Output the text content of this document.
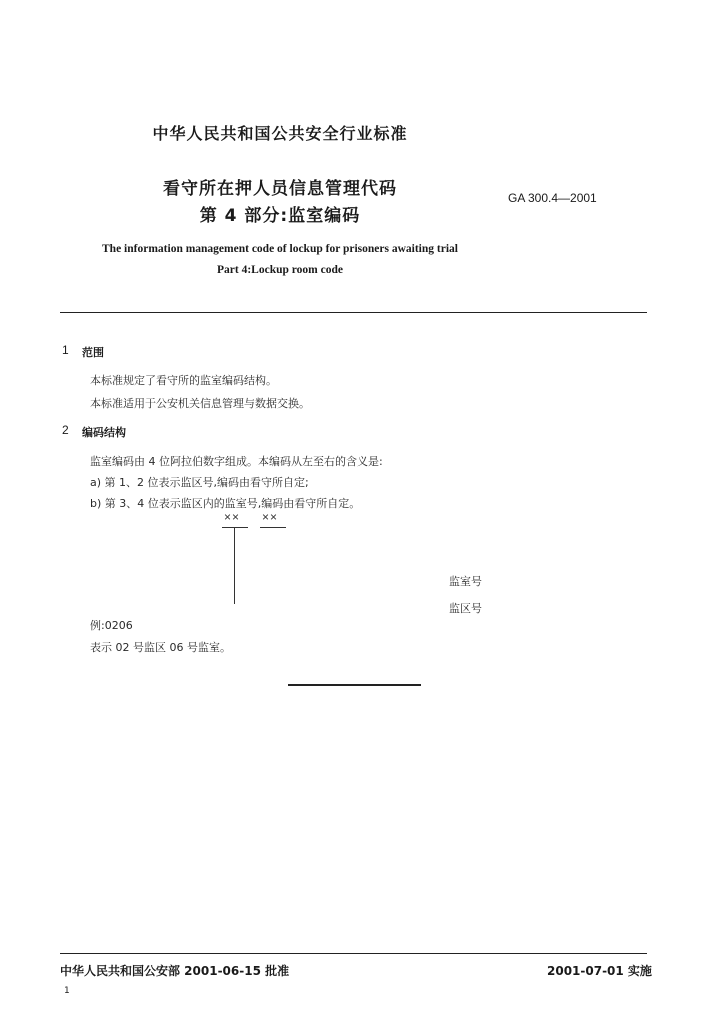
中华人民共和国公共安全行业标准
看守所在押人员信息管理代码
第 4 部分:监室编码
GA 300.4—2001
The information management code of lockup for prisoners awaiting trial
Part 4:Lockup room code
1 范围
本标准规定了看守所的监室编码结构。
本标准适用于公安机关信息管理与数据交换。
2 编码结构
监室编码由 4 位阿拉伯数字组成。本编码从左至右的含义是:
a) 第 1、2 位表示监区号,编码由看守所自定;
b) 第 3、4 位表示监区内的监室号,编码由看守所自定。
×× ××
监室号
监区号
例:0206
表示 02 号监区 06 号监室。
中华人民共和国公安部 2001-06-15 批准	2001-07-01 实施
1
